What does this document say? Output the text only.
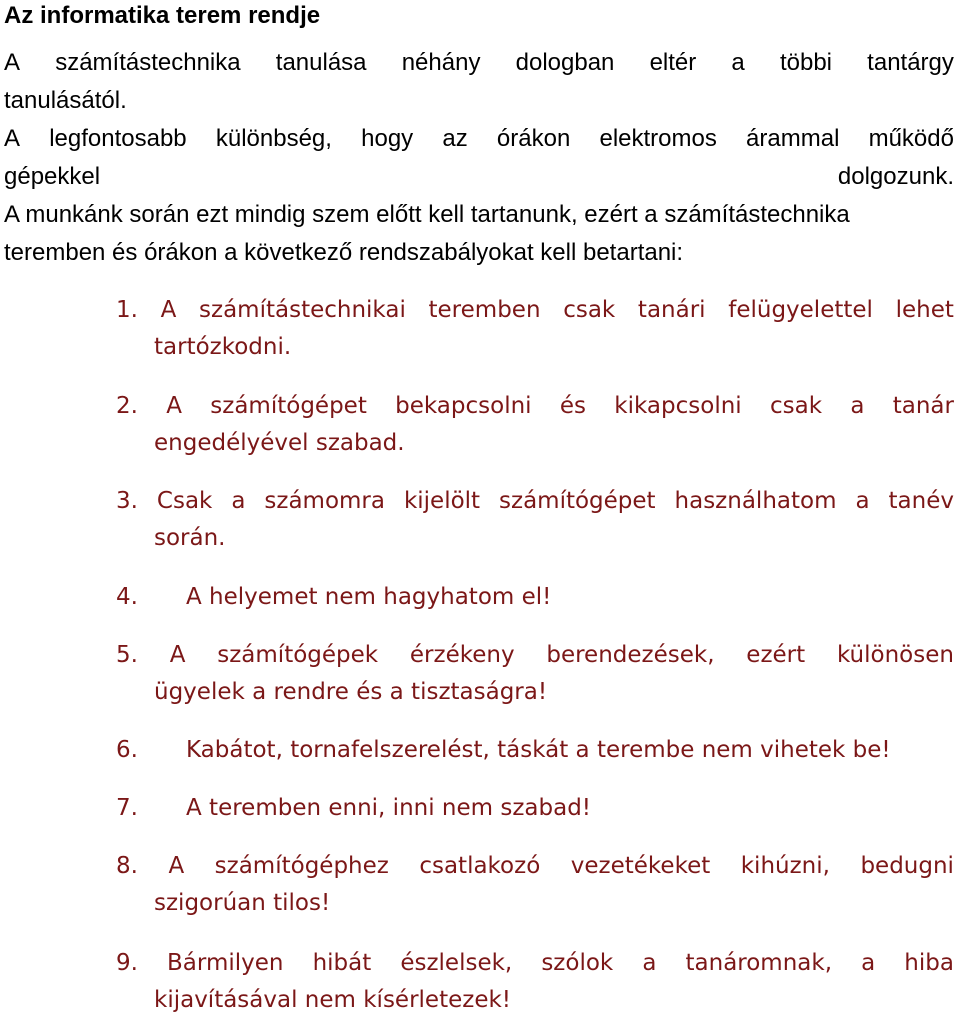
Az informatika terem rendje
A számítástechnika tanulása néhány dologban eltér a többi tantárgy
tanulásától.
A legfontosabb különbség, hogy az órákon elektromos árammal működő
gépekkel	dolgozunk.
A munkánk során ezt mindig szem előtt kell tartanunk, ezért a számítástechnika
teremben és órákon a következő rendszabályokat kell betartani:
1. A számítástechnikai teremben csak tanári felügyelettel lehet
tartózkodni.
2. A számítógépet bekapcsolni és kikapcsolni csak a tanár
engedélyével szabad.
3. Csak a számomra kijelölt számítógépet használhatom a tanév
során.
4.	A helyemet nem hagyhatom el!
5. A számítógépek érzékeny berendezések, ezért különösen
ügyelek a rendre és a tisztaságra!
6.	Kabátot, tornafelszerelést, táskát a terembe nem vihetek be!
7.	A teremben enni, inni nem szabad!
8. A számítógéphez csatlakozó vezetékeket kihúzni, bedugni
szigorúan tilos!
9. Bármilyen hibát észlelsek, szólok a tanáromnak, a hiba
kijavításával nem kísérletezek!
